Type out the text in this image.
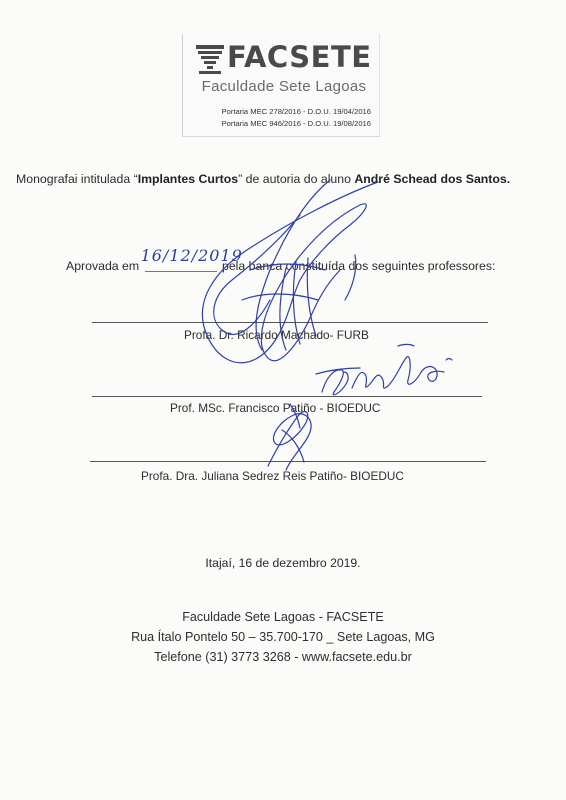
FACSETE
Faculdade Sete Lagoas
Portaria MEC 278/2016 - D.O.U. 19/04/2016
Portaria MEC 946/2016 - D.O.U. 19/08/2016
Monografai intitulada “Implantes Curtos” de autoria do aluno André Schead dos Santos.
Aprovada em
16/12/2019
pela banca constituída dos seguintes professores:
Profa. Dr. Ricardo Machado- FURB
Prof. MSc. Francisco Patiño - BIOEDUC
Profa. Dra. Juliana Sedrez Reis Patiño- BIOEDUC
Itajaí, 16 de dezembro 2019.
Faculdade Sete Lagoas - FACSETE
Rua Ítalo Pontelo 50 – 35.700-170 _ Sete Lagoas, MG
Telefone (31) 3773 3268 - www.facsete.edu.br
